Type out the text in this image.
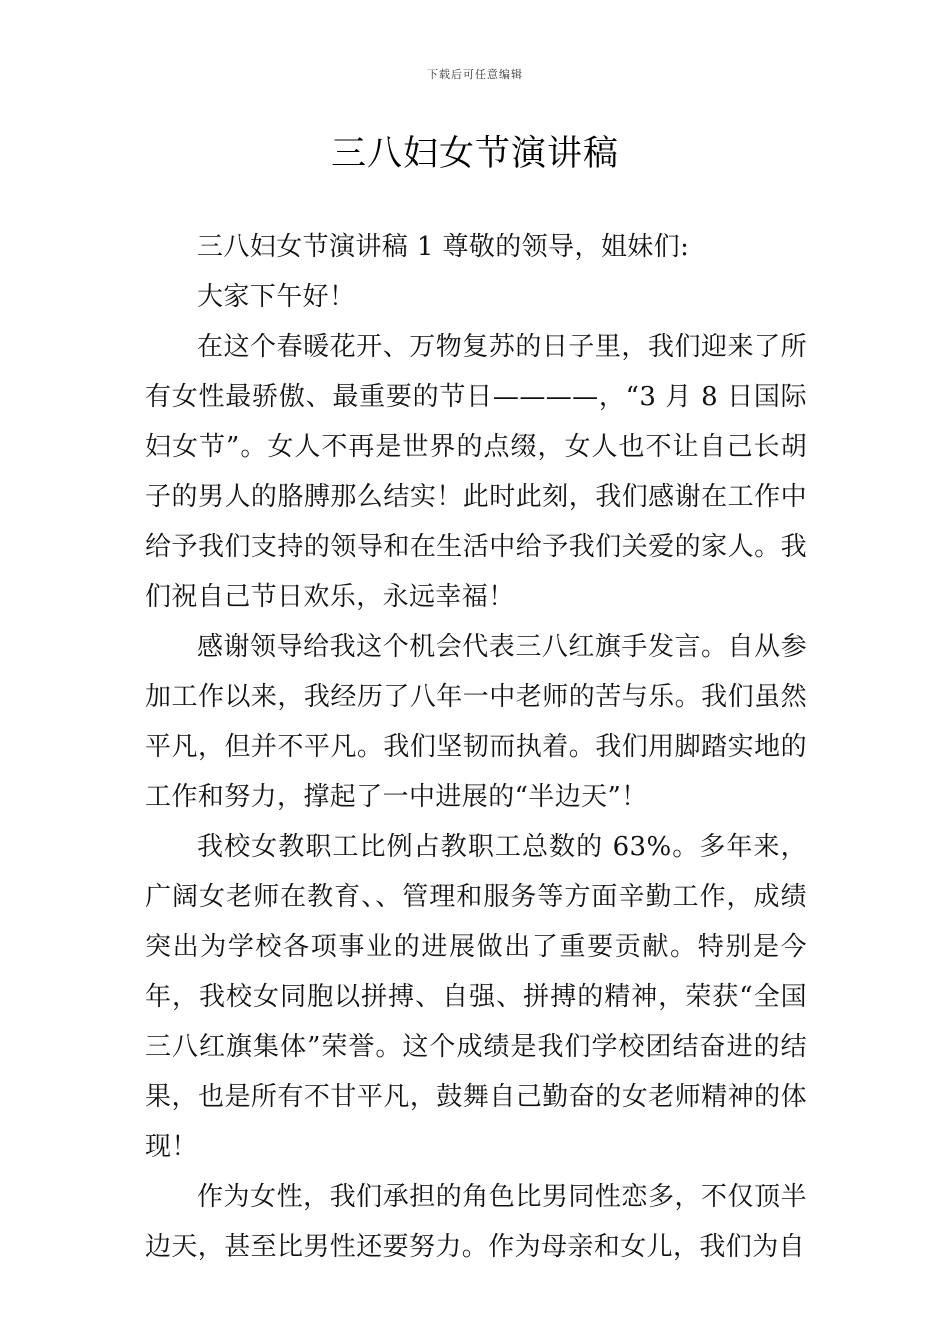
下载后可任意编辑
三八妇女节演讲稿

三八妇女节演讲稿 1 尊敬的领导，姐妹们:

大家下午好！

在这个春暖花开、万物复苏的日子里，我们迎来了所有女性最骄傲、最重要的节日————，“3 月 8 日国际妇女节”。女人不再是世界的点缀，女人也不让自己长胡子的男人的胳膊那么结实！此时此刻，我们感谢在工作中给予我们支持的领导和在生活中给予我们关爱的家人。我们祝自己节日欢乐，永远幸福！

感谢领导给我这个机会代表三八红旗手发言。自从参加工作以来，我经历了八年一中老师的苦与乐。我们虽然平凡，但并不平凡。我们坚韧而执着。我们用脚踏实地的工作和努力，撑起了一中进展的“半边天”！

我校女教职工比例占教职工总数的 63%。多年来，广阔女老师在教育、、管理和服务等方面辛勤工作，成绩突出为学校各项事业的进展做出了重要贡献。特别是今年，我校女同胞以拼搏、自强、拼搏的精神，荣获“全国三八红旗集体”荣誉。这个成绩是我们学校团结奋进的结果，也是所有不甘平凡，鼓舞自己勤奋的女老师精神的体现！

作为女性，我们承担的角色比男同性恋多，不仅顶半边天，甚至比男性还要努力。作为母亲和女儿，我们为自
